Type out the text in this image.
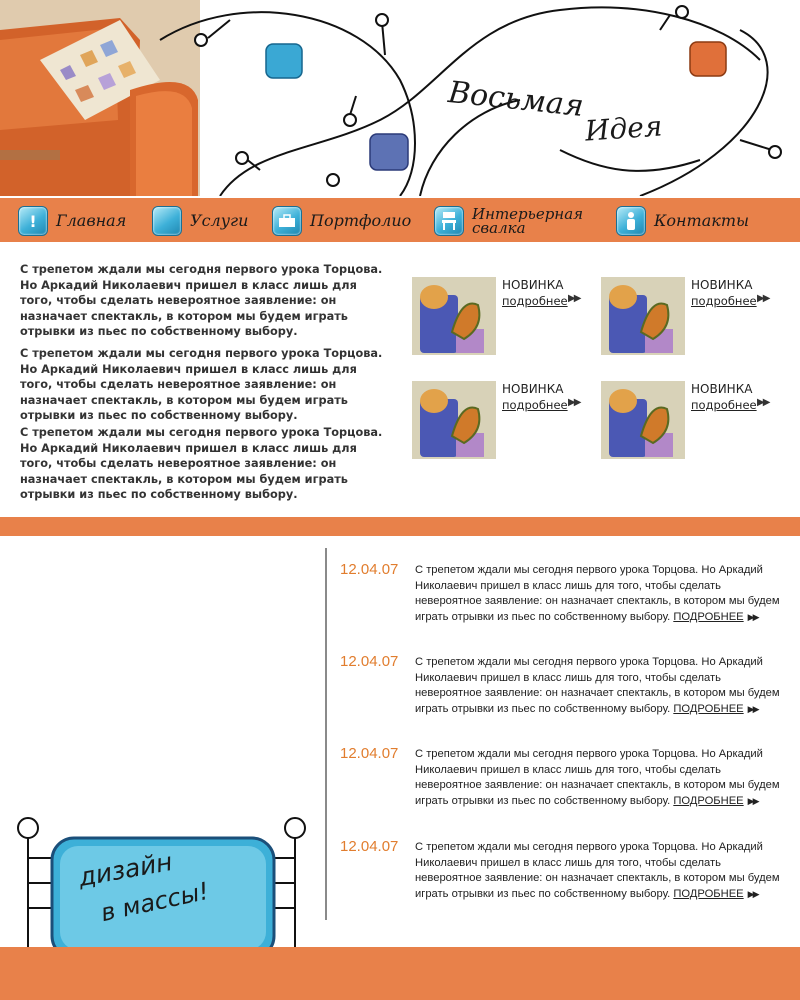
Восьмая
Идея
!	Главная	Услуги	Портфолио	Интерьерная свалка	Контакты

С трепетом ждали мы сегодня первого урока Торцова. Но Аркадий Николаевич пришел в класс лишь для того, чтобы сделать невероятное заявление: он назначает спектакль, в котором мы будем играть отрывки из пьес по собственному выбору.

С трепетом ждали мы сегодня первого урока Торцова. Но Аркадий Николаевич пришел в класс лишь для того, чтобы сделать невероятное заявление: он назначает спектакль, в котором мы будем играть отрывки из пьес по собственному выбору.

С трепетом ждали мы сегодня первого урока Торцова. Но Аркадий Николаевич пришел в класс лишь для того, чтобы сделать невероятное заявление: он назначает спектакль, в котором мы будем играть отрывки из пьес по собственному выбору.

НОВИНКА
подробнее ▶▶
НОВИНКА
подробнее ▶▶
НОВИНКА
подробнее ▶▶
НОВИНКА
подробнее ▶▶
дизайн
в массы!
12.04.07 С трепетом ждали мы сегодня первого урока Торцова. Но Аркадий Николаевич пришел в класс лишь для того, чтобы сделать невероятное заявление: он назначает спектакль, в котором мы будем играть отрывки из пьес по собственному выбору. ПОДРОБНЕЕ ▶▶

12.04.07 С трепетом ждали мы сегодня первого урока Торцова. Но Аркадий Николаевич пришел в класс лишь для того, чтобы сделать невероятное заявление: он назначает спектакль, в котором мы будем играть отрывки из пьес по собственному выбору. ПОДРОБНЕЕ ▶▶

12.04.07 С трепетом ждали мы сегодня первого урока Торцова. Но Аркадий Николаевич пришел в класс лишь для того, чтобы сделать невероятное заявление: он назначает спектакль, в котором мы будем играть отрывки из пьес по собственному выбору. ПОДРОБНЕЕ ▶▶

12.04.07 С трепетом ждали мы сегодня первого урока Торцова. Но Аркадий Николаевич пришел в класс лишь для того, чтобы сделать невероятное заявление: он назначает спектакль, в котором мы будем играть отрывки из пьес по собственному выбору. ПОДРОБНЕЕ ▶▶
